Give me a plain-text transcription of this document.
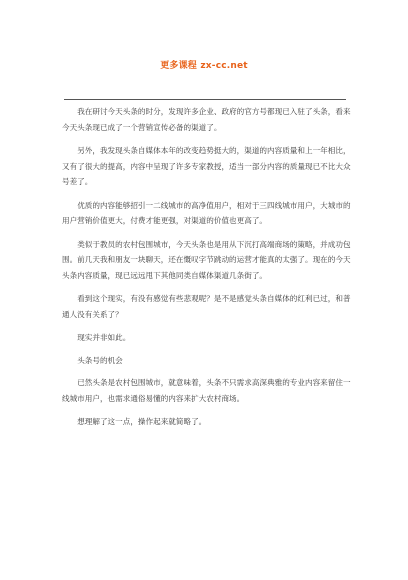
更多课程 zx-cc.net

我在研讨今天头条的时分，发现许多企业、政府的官方号都现已入驻了头条，看来今天头条现已成了一个营销宣传必备的渠道了。

另外，我发现头条自媒体本年的改变趋势挺大的，渠道的内容质量和上一年相比，又有了很大的提高，内容中呈现了许多专家教授，适当一部分内容的质量现已不比大众号差了。

优质的内容能够招引一二线城市的高净值用户，相对于三四线城市用户，大城市的用户营销价值更大，付费才能更强，对渠道的价值也更高了。

类似于教员的农村包围城市，今天头条也是用从下沉打高端商场的策略，并成功包围。前几天我和朋友一块聊天，还在慨叹字节跳动的运营才能真的太强了。现在的今天头条内容质量，现已远远甩下其他同类自媒体渠道几条街了。

看到这个现实，有没有感觉有些悲观呢？是不是感觉头条自媒体的红利已过，和普通人没有关系了？

现实并非如此。

头条号的机会

已然头条是农村包围城市，就意味着，头条不只需求高深典雅的专业内容来留住一线城市用户，也需求通俗易懂的内容来扩大农村商场。

想理解了这一点，操作起来就简略了。
